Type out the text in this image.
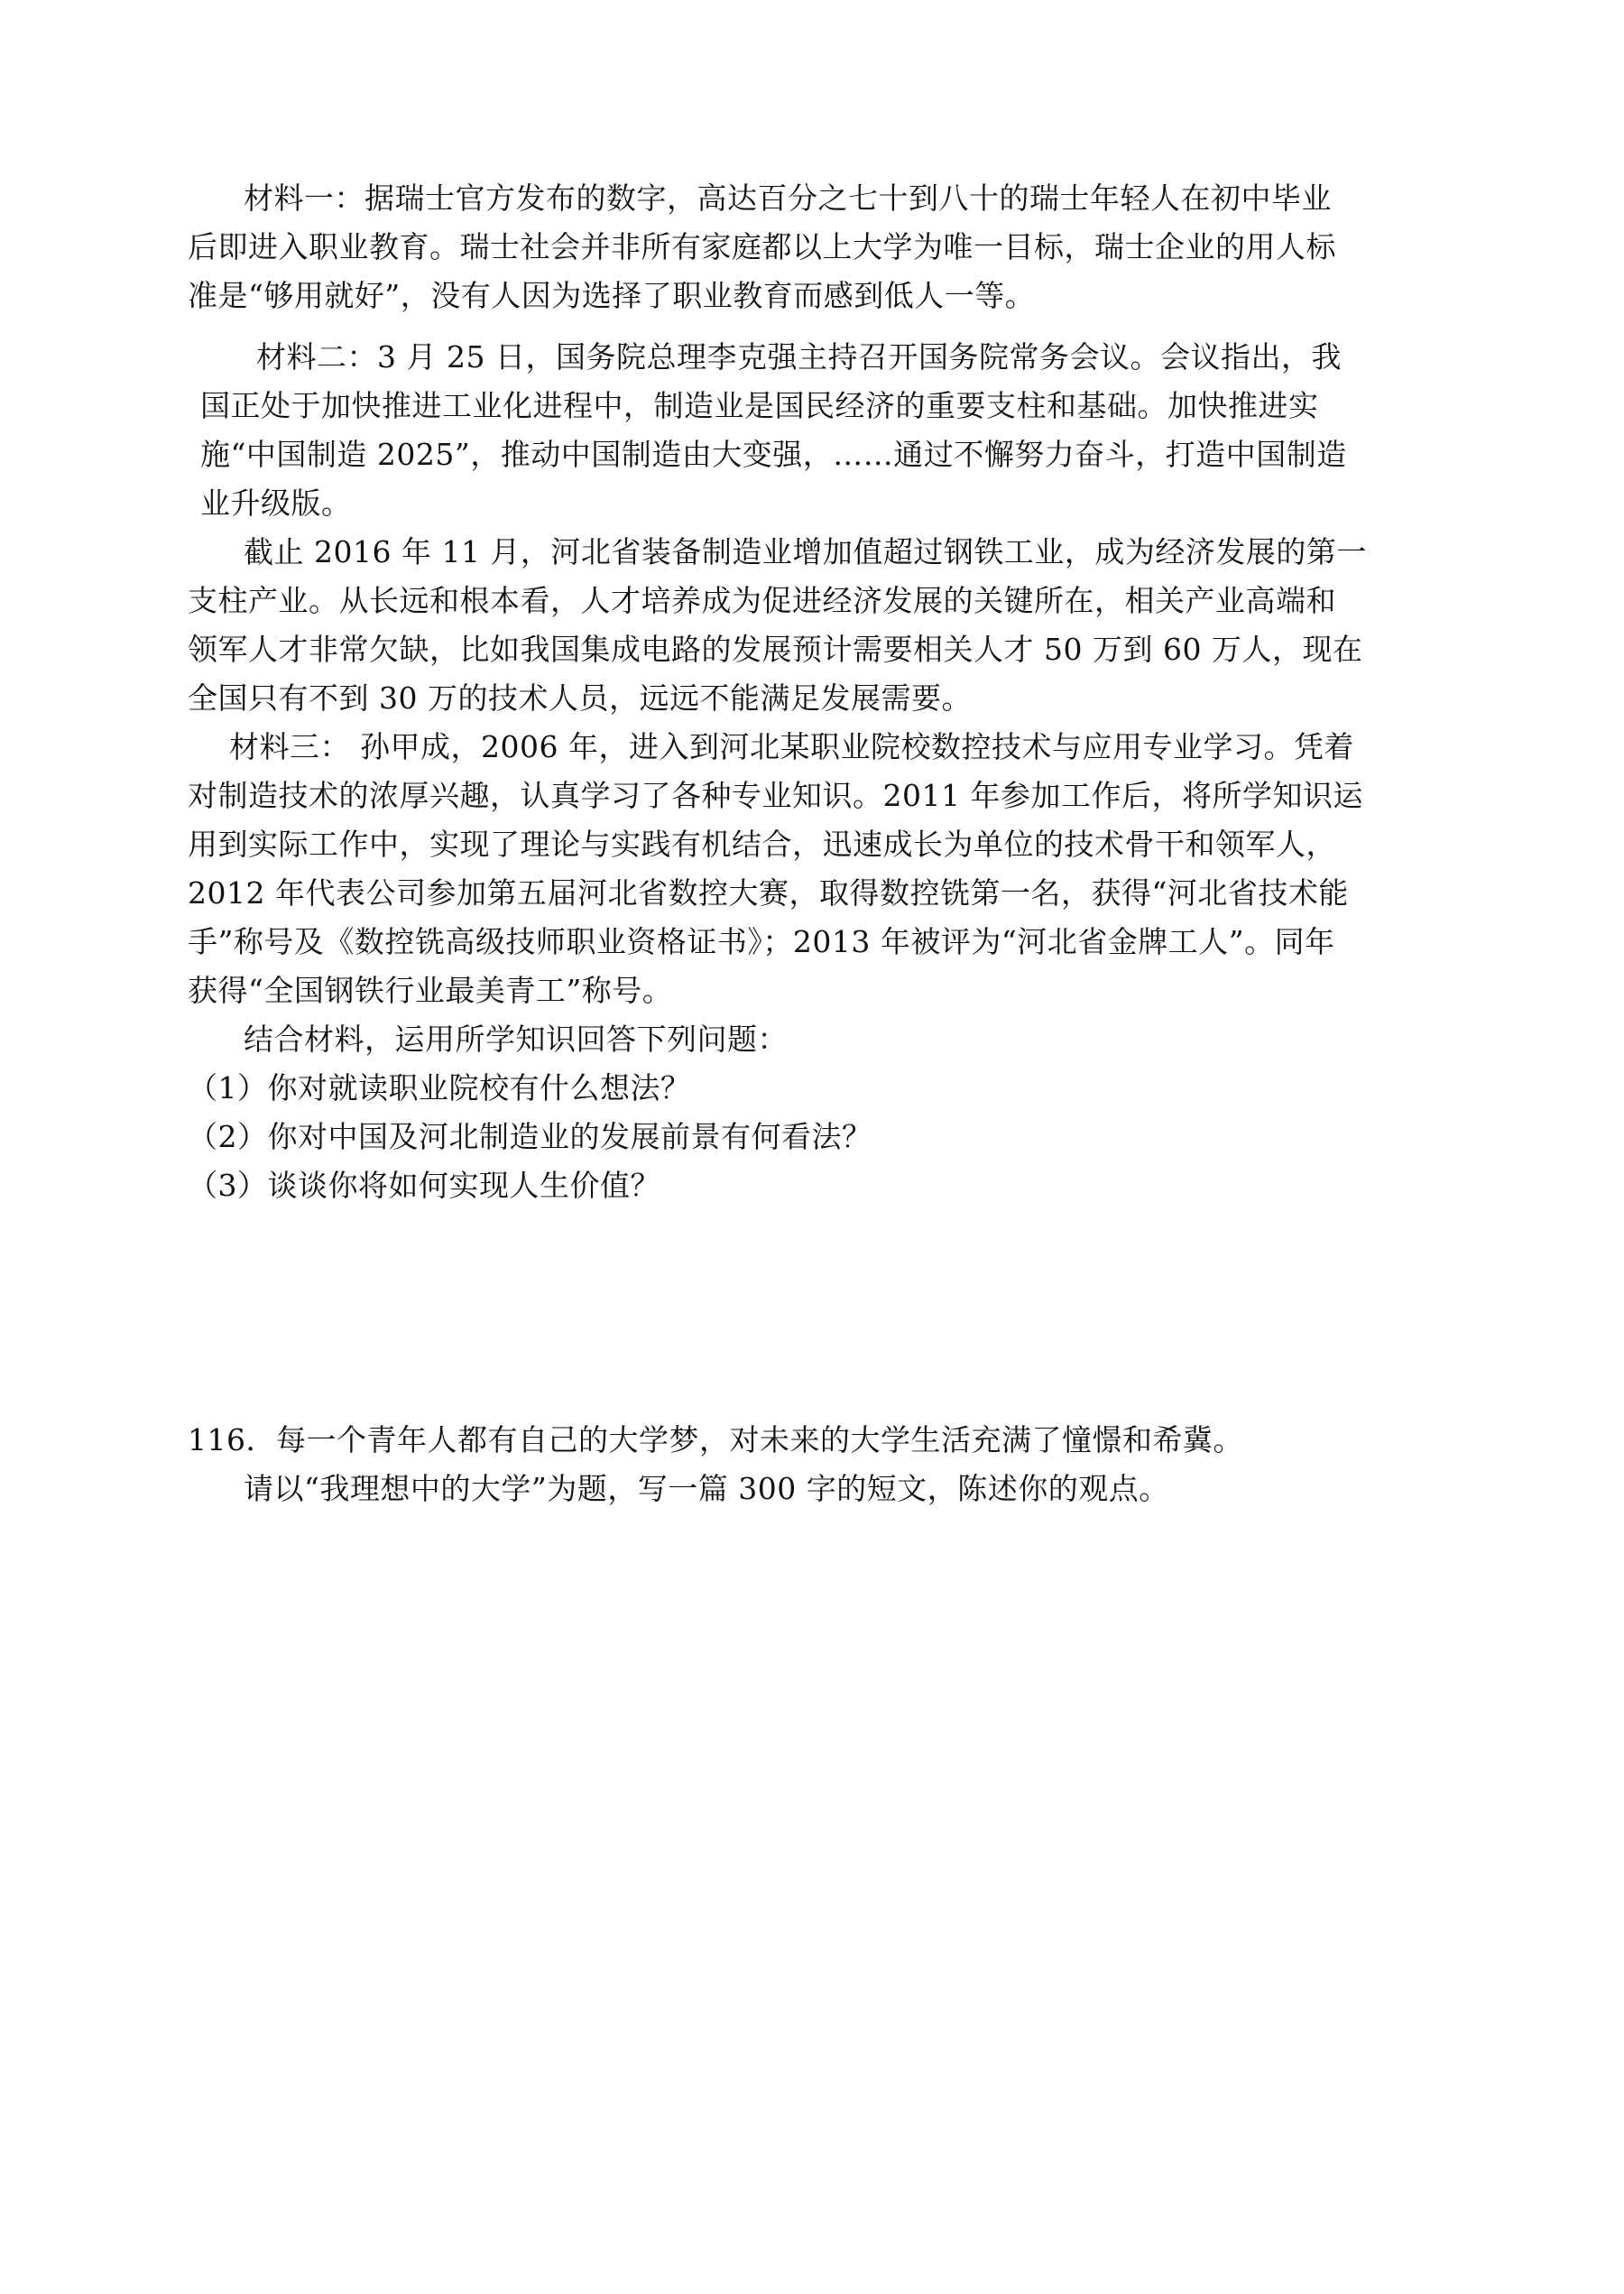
材料一：据瑞士官方发布的数字，高达百分之七十到八十的瑞士年轻人在初中毕业
后即进入职业教育。瑞士社会并非所有家庭都以上大学为唯一目标，瑞士企业的用人标
准是“够用就好”，没有人因为选择了职业教育而感到低人一等。
材料二：3 月 25 日，国务院总理李克强主持召开国务院常务会议。会议指出，我
国正处于加快推进工业化进程中，制造业是国民经济的重要支柱和基础。加快推进实
施“中国制造 2025”，推动中国制造由大变强，……通过不懈努力奋斗，打造中国制造
业升级版。
截止 2016 年 11 月，河北省装备制造业增加值超过钢铁工业，成为经济发展的第一
支柱产业。从长远和根本看，人才培养成为促进经济发展的关键所在，相关产业高端和
领军人才非常欠缺，比如我国集成电路的发展预计需要相关人才 50 万到 60 万人，现在
全国只有不到 30 万的技术人员，远远不能满足发展需要。
材料三： 孙甲成，2006 年，进入到河北某职业院校数控技术与应用专业学习。凭着
对制造技术的浓厚兴趣，认真学习了各种专业知识。2011 年参加工作后，将所学知识运
用到实际工作中，实现了理论与实践有机结合，迅速成长为单位的技术骨干和领军人，
2012 年代表公司参加第五届河北省数控大赛，取得数控铣第一名，获得“河北省技术能
手”称号及《数控铣高级技师职业资格证书》；2013 年被评为“河北省金牌工人”。同年
获得“全国钢铁行业最美青工”称号。
结合材料，运用所学知识回答下列问题：
（1）你对就读职业院校有什么想法？
（2）你对中国及河北制造业的发展前景有何看法？
（3）谈谈你将如何实现人生价值？
116．每一个青年人都有自己的大学梦，对未来的大学生活充满了憧憬和希冀。
请以“我理想中的大学”为题，写一篇 300 字的短文，陈述你的观点。
